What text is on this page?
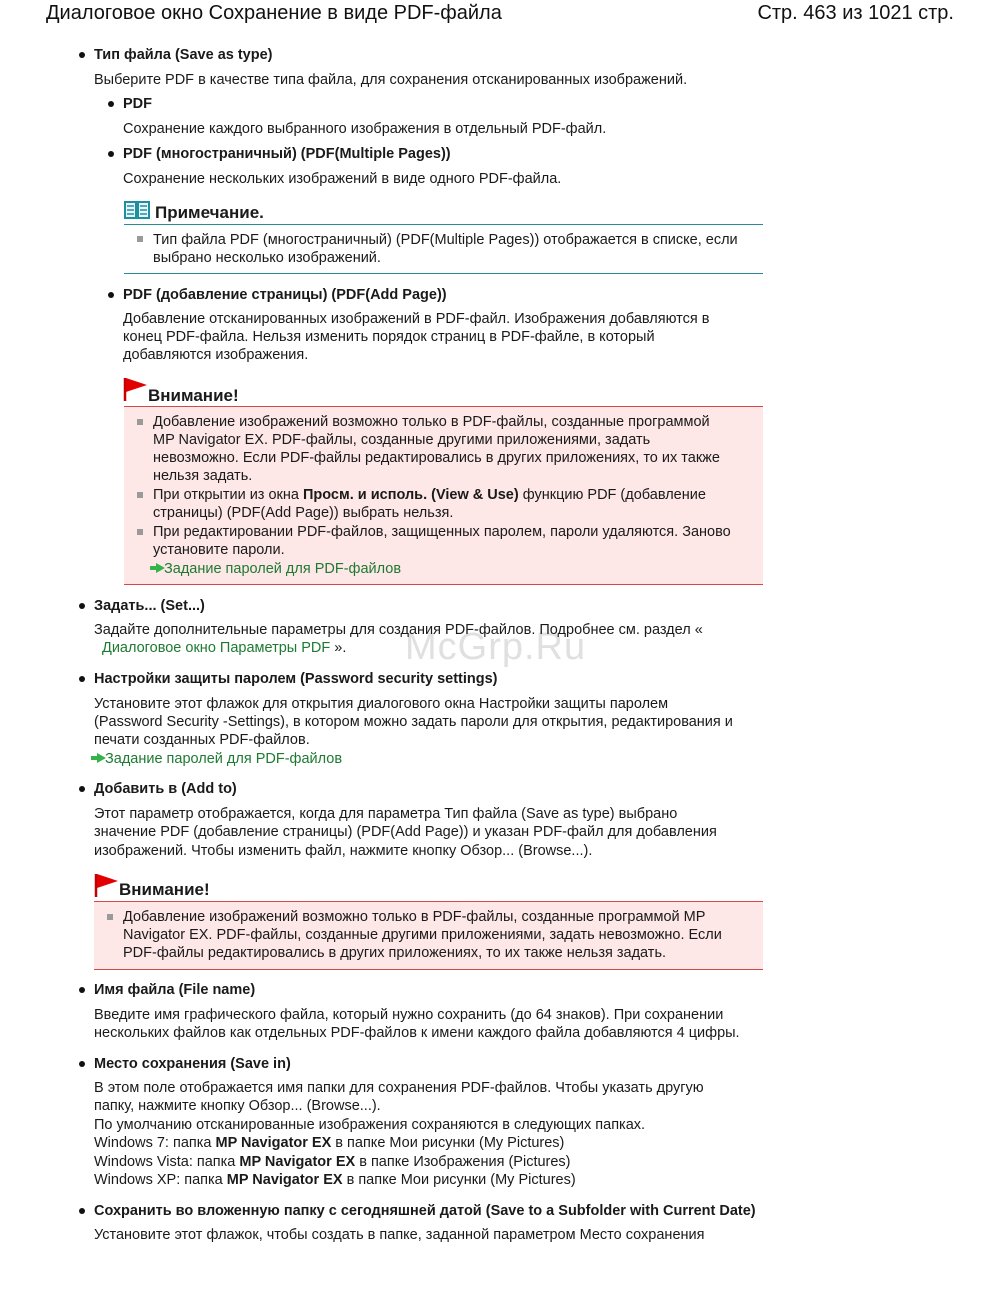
Диалоговое окно Сохранение в виде PDF-файла	Стр. 463 из 1021 стр.
McGrp.Ru

Тип файла (Save as type)

Выберите PDF в качестве типа файла, для сохранения отсканированных изображений.

PDF

Сохранение каждого выбранного изображения в отдельный PDF-файл.

PDF (многостраничный) (PDF(Multiple Pages))

Сохранение нескольких изображений в виде одного PDF-файла.

Примечание.

Тип файла PDF (многостраничный) (PDF(Multiple Pages)) отображается в списке, если

выбрано несколько изображений.

PDF (добавление страницы) (PDF(Add Page))

Добавление отсканированных изображений в PDF-файл. Изображения добавляются в

конец PDF-файла. Нельзя изменить порядок страниц в PDF-файле, в который

добавляются изображения.

Внимание!

Добавление изображений возможно только в PDF-файлы, созданные программой

MP Navigator EX. PDF-файлы, созданные другими приложениями, задать

невозможно. Если PDF-файлы редактировались в других приложениях, то их также

нельзя задать.

При открытии из окна Просм. и исполь. (View & Use) функцию PDF (добавление

страницы) (PDF(Add Page)) выбрать нельзя.

При редактировании PDF-файлов, защищенных паролем, пароли удаляются. Заново

установите пароли.

Задание паролей для PDF-файлов

Задать... (Set...)

Задайте дополнительные параметры для создания PDF-файлов. Подробнее см. раздел «

Диалоговое окно Параметры PDF ».

Настройки защиты паролем (Password security settings)

Установите этот флажок для открытия диалогового окна Настройки защиты паролем

(Password Security -Settings), в котором можно задать пароли для открытия, редактирования и

печати созданных PDF-файлов.

Задание паролей для PDF-файлов

Добавить в (Add to)

Этот параметр отображается, когда для параметра Тип файла (Save as type) выбрано

значение PDF (добавление страницы) (PDF(Add Page)) и указан PDF-файл для добавления

изображений. Чтобы изменить файл, нажмите кнопку Обзор... (Browse...).

Внимание!

Добавление изображений возможно только в PDF-файлы, созданные программой MP

Navigator EX. PDF-файлы, созданные другими приложениями, задать невозможно. Если

PDF-файлы редактировались в других приложениях, то их также нельзя задать.

Имя файла (File name)

Введите имя графического файла, который нужно сохранить (до 64 знаков). При сохранении

нескольких файлов как отдельных PDF-файлов к имени каждого файла добавляются 4 цифры.

Место сохранения (Save in)

В этом поле отображается имя папки для сохранения PDF-файлов. Чтобы указать другую

папку, нажмите кнопку Обзор... (Browse...).

По умолчанию отсканированные изображения сохраняются в следующих папках.

Windows 7: папка MP Navigator EX в папке Мои рисунки (My Pictures)

Windows Vista: папка MP Navigator EX в папке Изображения (Pictures)

Windows XP: папка MP Navigator EX в папке Мои рисунки (My Pictures)

Сохранить во вложенную папку с сегодняшней датой (Save to a Subfolder with Current Date)

Установите этот флажок, чтобы создать в папке, заданной параметром Место сохранения
